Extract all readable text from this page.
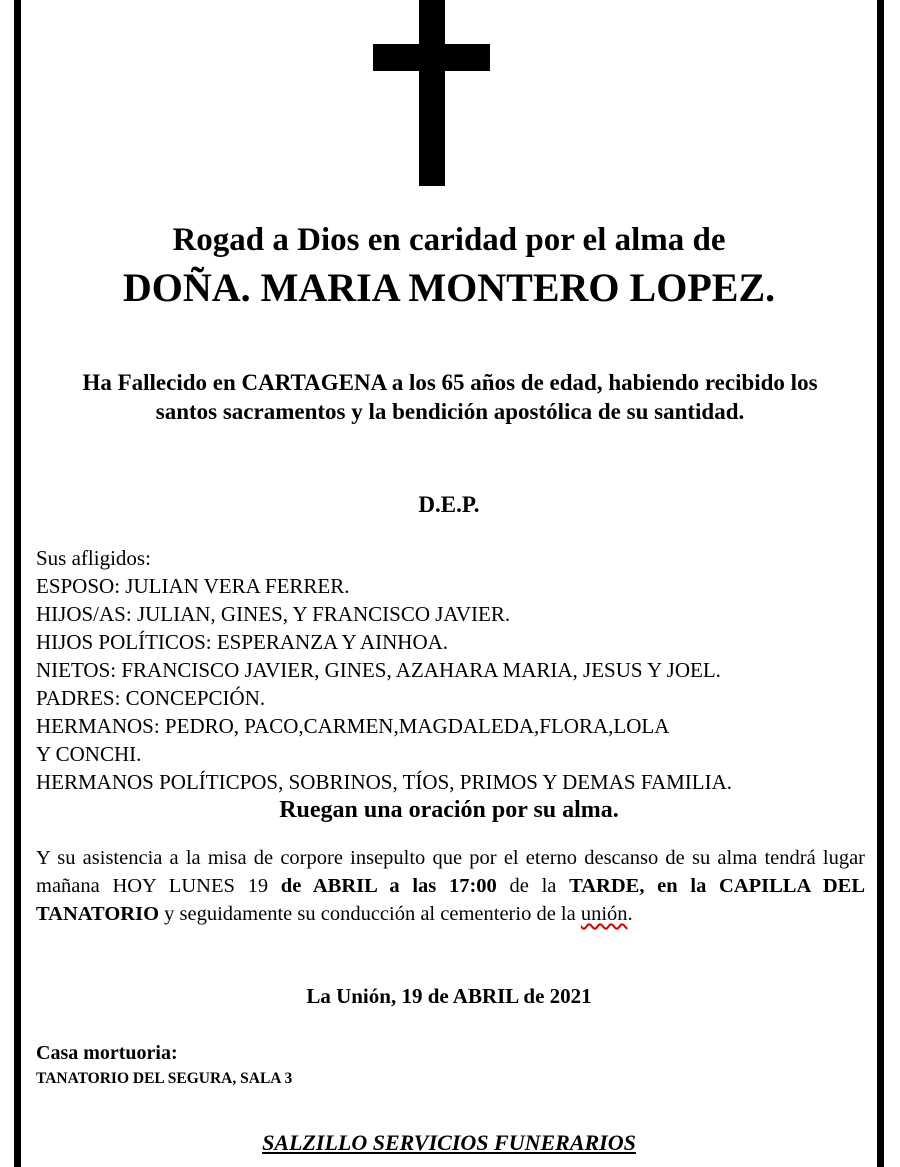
Rogad a Dios en caridad por el alma de

DOÑA. MARIA MONTERO LOPEZ.

Ha Fallecido en CARTAGENA a los 65 años de edad, habiendo recibido los santos sacramentos y la bendición apostólica de su santidad.

D.E.P.

Sus afligidos:
ESPOSO: JULIAN VERA FERRER.
HIJOS/AS: JULIAN, GINES, Y FRANCISCO JAVIER.
HIJOS POLÍTICOS: ESPERANZA Y AINHOA.
NIETOS: FRANCISCO JAVIER, GINES, AZAHARA MARIA, JESUS Y JOEL.
PADRES: CONCEPCIÓN.
HERMANOS: PEDRO, PACO,CARMEN,MAGDALEDA,FLORA,LOLA
Y CONCHI.
HERMANOS POLÍTICPOS, SOBRINOS, TÍOS, PRIMOS Y DEMAS FAMILIA.

Ruegan una oración por su alma.

Y su asistencia a la misa de corpore insepulto que por el eterno descanso de su alma tendrá lugar mañana HOY LUNES 19 de ABRIL a las 17:00 de la TARDE, en la CAPILLA DEL TANATORIO y seguidamente su conducción al cementerio de la unión.

La Unión, 19 de ABRIL de 2021

Casa mortuoria:

TANATORIO DEL SEGURA, SALA 3

SALZILLO SERVICIOS FUNERARIOS
